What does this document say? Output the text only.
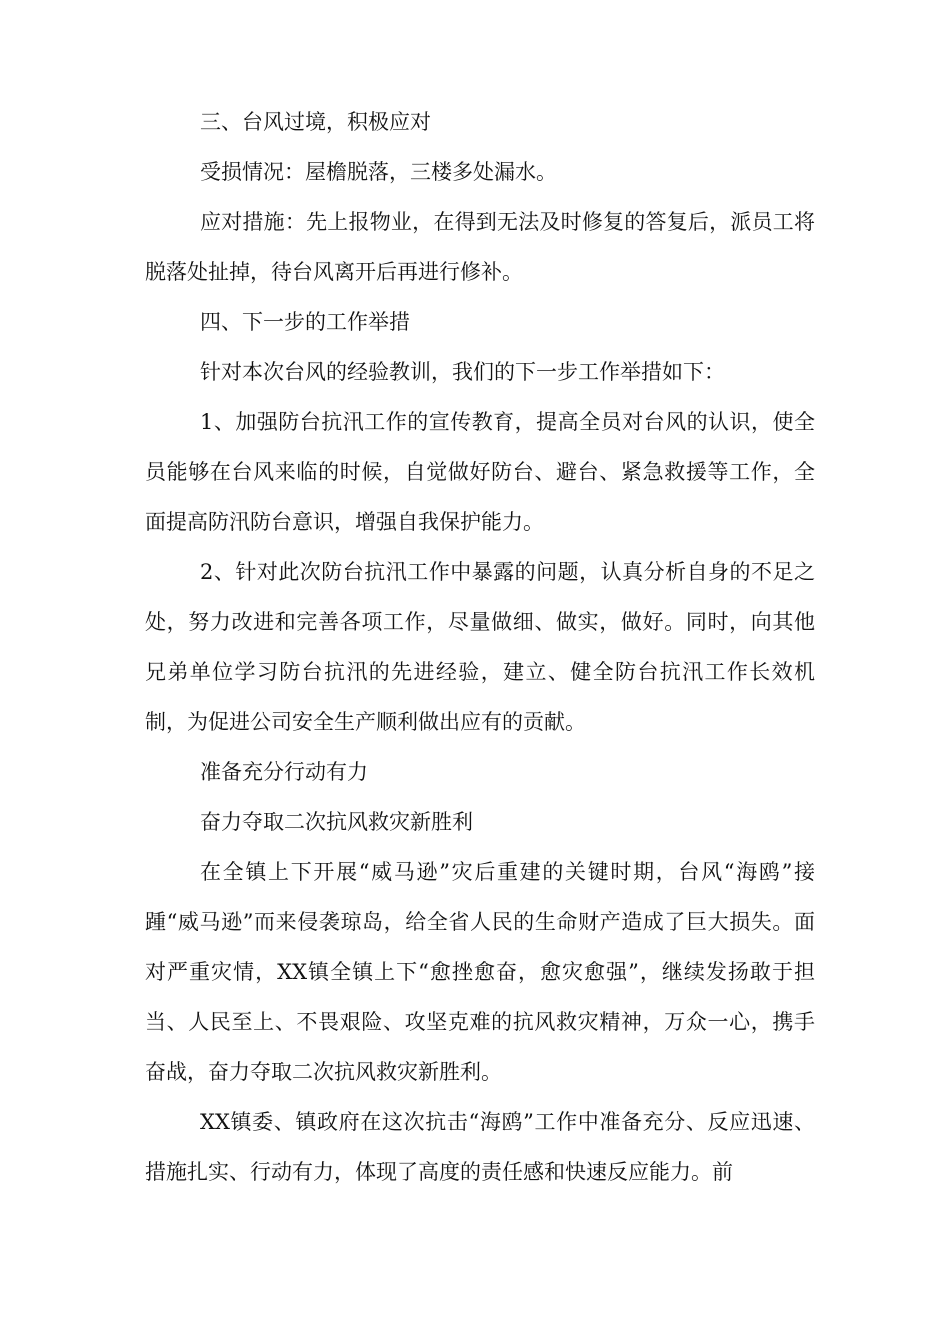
三、台风过境，积极应对

受损情况：屋檐脱落，三楼多处漏水。

应对措施：先上报物业，在得到无法及时修复的答复后，派员工将脱落处扯掉，待台风离开后再进行修补。

四、下一步的工作举措

针对本次台风的经验教训，我们的下一步工作举措如下：

1、加强防台抗汛工作的宣传教育，提高全员对台风的认识，使全员能够在台风来临的时候，自觉做好防台、避台、紧急救援等工作，全面提高防汛防台意识，增强自我保护能力。

2、针对此次防台抗汛工作中暴露的问题，认真分析自身的不足之处，努力改进和完善各项工作，尽量做细、做实，做好。同时，向其他兄弟单位学习防台抗汛的先进经验，建立、健全防台抗汛工作长效机制，为促进公司安全生产顺利做出应有的贡献。

准备充分行动有力

奋力夺取二次抗风救灾新胜利

在全镇上下开展“威马逊”灾后重建的关键时期，台风“海鸥”接踵“威马逊”而来侵袭琼岛，给全省人民的生命财产造成了巨大损失。面对严重灾情，XX镇全镇上下“愈挫愈奋，愈灾愈强”，继续发扬敢于担当、人民至上、不畏艰险、攻坚克难的抗风救灾精神，万众一心，携手奋战，奋力夺取二次抗风救灾新胜利。

XX镇委、镇政府在这次抗击“海鸥”工作中准备充分、反应迅速、措施扎实、行动有力，体现了高度的责任感和快速反应能力。前
